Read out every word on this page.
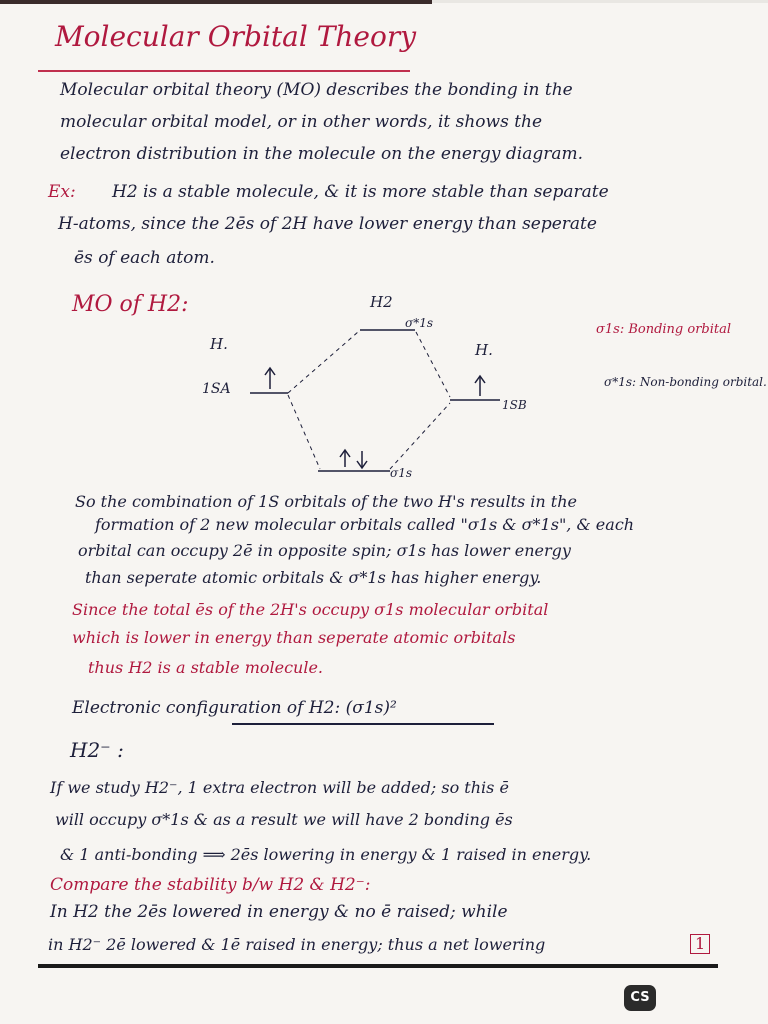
Molecular Orbital Theory
Molecular orbital theory (MO) describes the bonding in the
molecular orbital model, or in other words, it shows the
electron distribution in the molecule on the energy diagram.
Ex: H2 is a stable molecule, & it is more stable than separate
H-atoms, since the 2ēs of 2H have lower energy than seperate
ēs of each atom.
MO of H2:	H2
σ*1s
H.	H.
1SA
1SB
σ1s
σ1s: Bonding orbital
σ*1s: Non-bonding orbital.
So the combination of 1S orbitals of the two H's results in the
formation of 2 new molecular orbitals called "σ1s & σ*1s", & each
orbital can occupy 2ē in opposite spin; σ1s has lower energy
than seperate atomic orbitals & σ*1s has higher energy.
Since the total ēs of the 2H's occupy σ1s molecular orbital
which is lower in energy than seperate atomic orbitals
thus H2 is a stable molecule.
Electronic configuration of H2: (σ1s)²
H2⁻ :
If we study H2⁻, 1 extra electron will be added; so this ē
will occupy σ*1s & as a result we will have 2 bonding ēs
& 1 anti-bonding ⟹ 2ēs lowering in energy & 1 raised in energy.
Compare the stability b/w H2 & H2⁻:
In H2 the 2ēs lowered in energy & no ē raised; while
in H2⁻ 2ē lowered & 1ē raised in energy; thus a net lowering	1
CS
